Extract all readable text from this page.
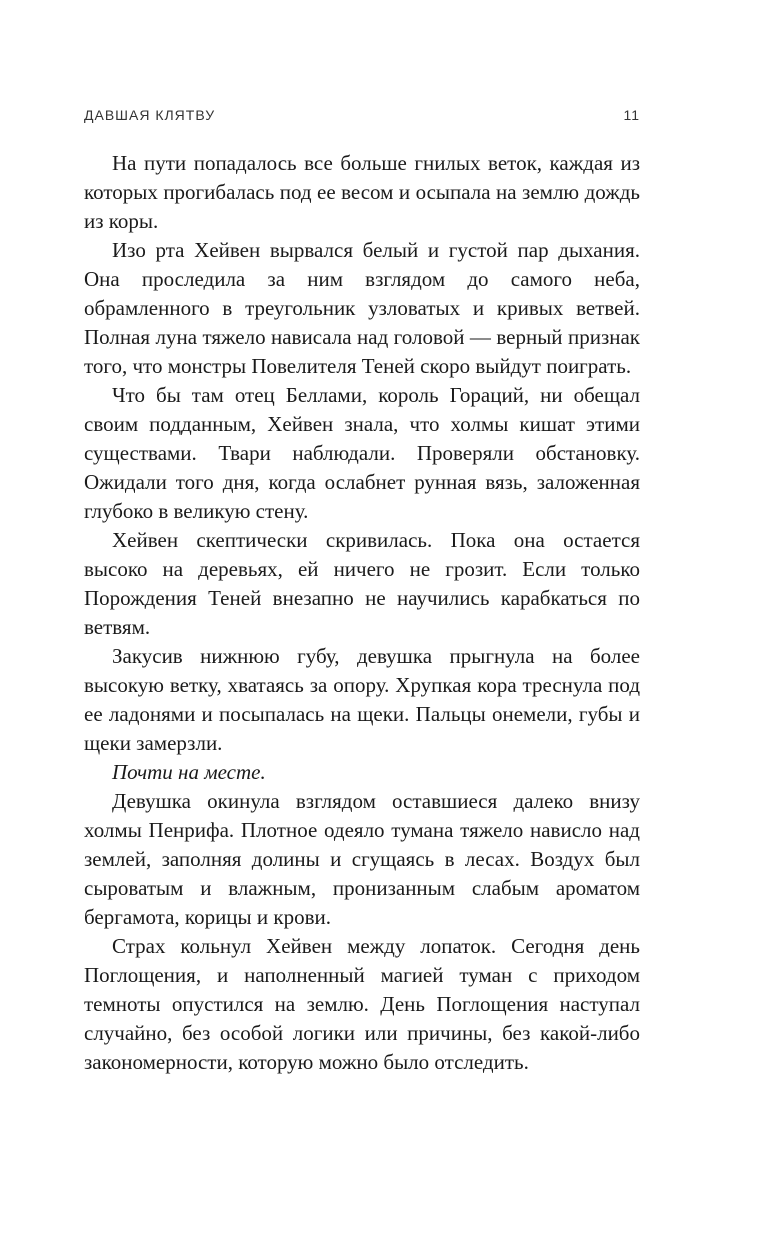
ДАВШАЯ КЛЯТВУ	11

На пути попадалось все больше гнилых веток, каждая из которых прогибалась под ее весом и осыпала на землю дождь из коры.

Изо рта Хейвен вырвался белый и густой пар дыхания. Она проследила за ним взглядом до самого неба, обрамленного в треугольник узловатых и кривых ветвей. Полная луна тяжело нависала над головой — верный признак того, что монстры Повелителя Теней скоро выйдут поиграть.

Что бы там отец Беллами, король Гораций, ни обещал своим подданным, Хейвен знала, что холмы кишат этими существами. Твари наблюдали. Проверяли обстановку. Ожидали того дня, когда ослабнет рунная вязь, заложенная глубоко в великую стену.

Хейвен скептически скривилась. Пока она остается высоко на деревьях, ей ничего не грозит. Если только Порождения Теней внезапно не научились карабкаться по ветвям.

Закусив нижнюю губу, девушка прыгнула на более высокую ветку, хватаясь за опору. Хрупкая кора треснула под ее ладонями и посыпалась на щеки. Пальцы онемели, губы и щеки замерзли.

Почти на месте.

Девушка окинула взглядом оставшиеся далеко внизу холмы Пенрифа. Плотное одеяло тумана тяжело нависло над землей, заполняя долины и сгущаясь в лесах. Воздух был сыроватым и влажным, пронизанным слабым ароматом бергамота, корицы и крови.

Страх кольнул Хейвен между лопаток. Сегодня день Поглощения, и наполненный магией туман с приходом темноты опустился на землю. День Поглощения наступал случайно, без особой логики или причины, без какой-либо закономерности, которую можно было отследить.
